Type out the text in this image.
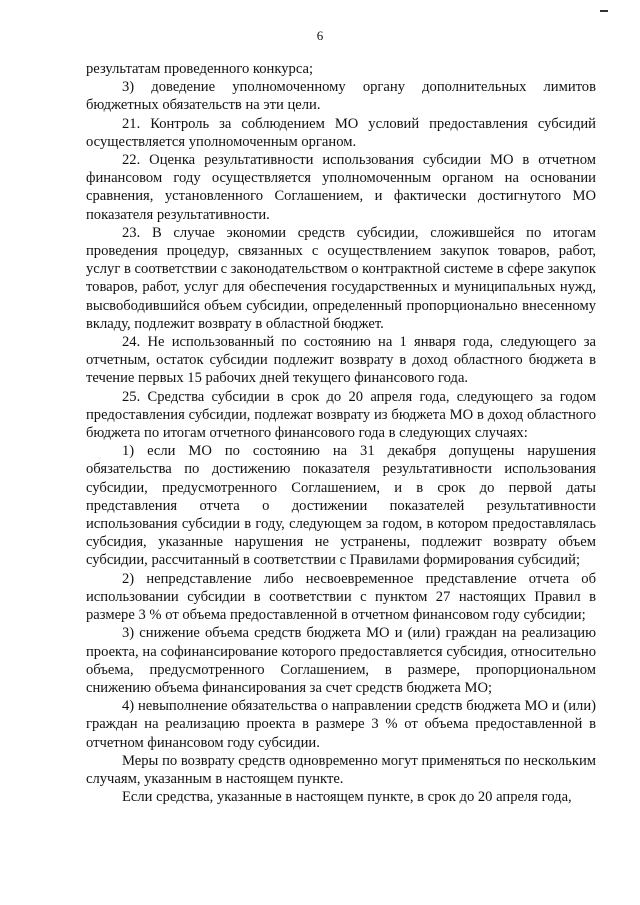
6

результатам проведенного конкурса;

3) доведение уполномоченному органу дополнительных лимитов бюджетных обязательств на эти цели.

21. Контроль за соблюдением МО условий предоставления субсидий осуществляется уполномоченным органом.

22. Оценка результативности использования субсидии МО в отчетном финансовом году осуществляется уполномоченным органом на основании сравнения, установленного Соглашением, и фактически достигнутого МО показателя результативности.

23. В случае экономии средств субсидии, сложившейся по итогам проведения процедур, связанных с осуществлением закупок товаров, работ, услуг в соответствии с законодательством о контрактной системе в сфере закупок товаров, работ, услуг для обеспечения государственных и муниципальных нужд, высвободившийся объем субсидии, определенный пропорционально внесенному вкладу, подлежит возврату в областной бюджет.

24. Не использованный по состоянию на 1 января года, следующего за отчетным, остаток субсидии подлежит возврату в доход областного бюджета в течение первых 15 рабочих дней текущего финансового года.

25. Средства субсидии в срок до 20 апреля года, следующего за годом предоставления субсидии, подлежат возврату из бюджета МО в доход областного бюджета по итогам отчетного финансового года в следующих случаях:

1) если МО по состоянию на 31 декабря допущены нарушения обязательства по достижению показателя результативности использования субсидии, предусмотренного Соглашением, и в срок до первой даты представления отчета о достижении показателей результативности использования субсидии в году, следующем за годом, в котором предоставлялась субсидия, указанные нарушения не устранены, подлежит возврату объем субсидии, рассчитанный в соответствии с Правилами формирования субсидий;

2) непредставление либо несвоевременное представление отчета об использовании субсидии в соответствии с пунктом 27 настоящих Правил в размере 3 % от объема предоставленной в отчетном финансовом году субсидии;

3) снижение объема средств бюджета МО и (или) граждан на реализацию проекта, на софинансирование которого предоставляется субсидия, относительно объема, предусмотренного Соглашением, в размере, пропорциональном снижению объема финансирования за счет средств бюджета МО;

4) невыполнение обязательства о направлении средств бюджета МО и (или) граждан на реализацию проекта в размере 3 % от объема предоставленной в отчетном финансовом году субсидии.

Меры по возврату средств одновременно могут применяться по нескольким случаям, указанным в настоящем пункте.

Если средства, указанные в настоящем пункте, в срок до 20 апреля года,
